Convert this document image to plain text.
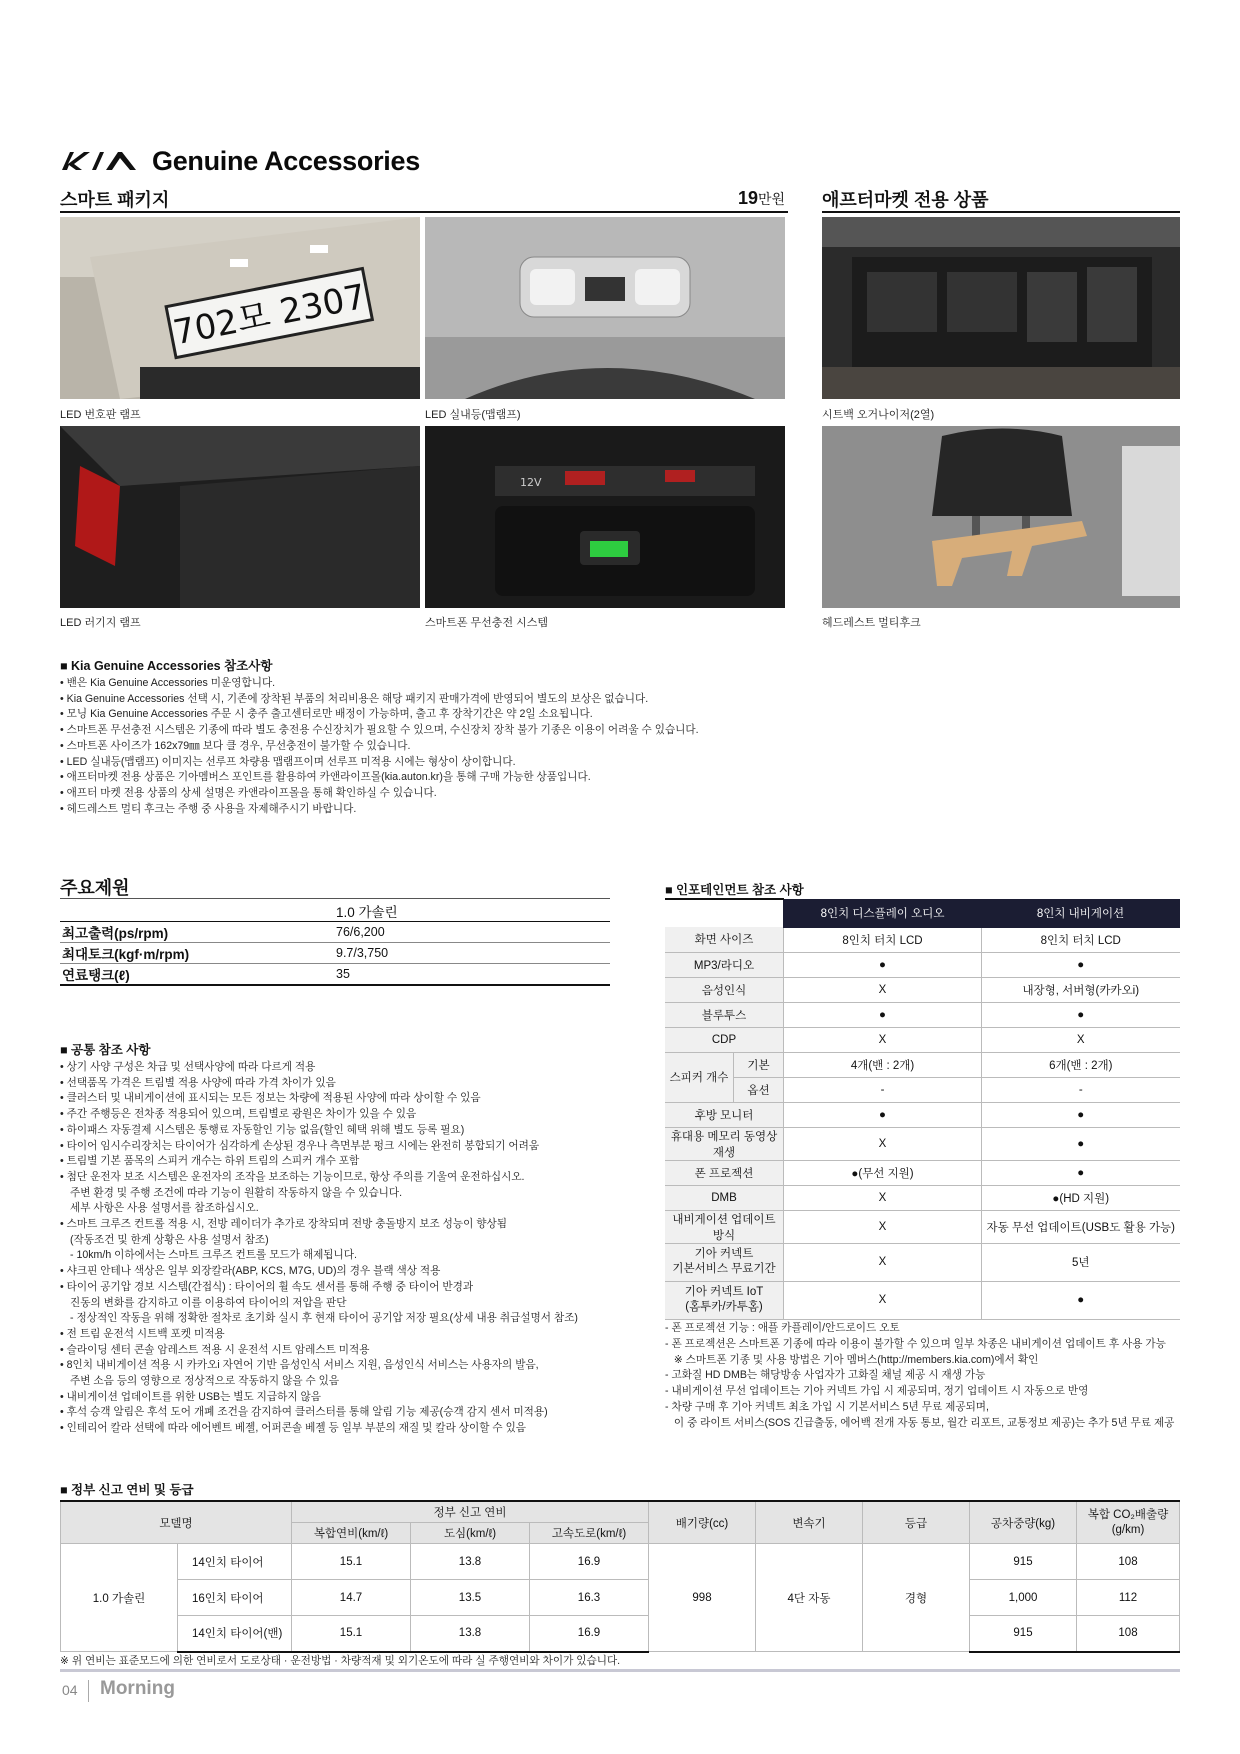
Genuine Accessories
스마트 패키지	19만원 애프터마켓 전용 상품
702모 2307
LED 번호판 램프	LED 실내등(맵램프)	시트백 오거나이저(2열)
12V
LED 러기지 램프	스마트폰 무선충전 시스템	헤드레스트 멀티후크
■ Kia Genuine Accessories 참조사항
• 밴은 Kia Genuine Accessories 미운영합니다.
• Kia Genuine Accessories 선택 시, 기존에 장착된 부품의 처리비용은 해당 패키지 판매가격에 반영되어 별도의 보상은 없습니다.
• 모닝 Kia Genuine Accessories 주문 시 충주 출고센터로만 배정이 가능하며, 출고 후 장착기간은 약 2일 소요됩니다.
• 스마트폰 무선충전 시스템은 기종에 따라 별도 충전용 수신장치가 필요할 수 있으며, 수신장치 장착 불가 기종은 이용이 어려울 수 있습니다.
• 스마트폰 사이즈가 162x79㎜ 보다 클 경우, 무선충전이 불가할 수 있습니다.
• LED 실내등(맵램프) 이미지는 선루프 차량용 맵램프이며 선루프 미적용 시에는 형상이 상이합니다.
• 애프터마켓 전용 상품은 기아멤버스 포인트를 활용하여 카앤라이프몰(kia.auton.kr)을 통해 구매 가능한 상품입니다.
• 애프터 마켓 전용 상품의 상세 설명은 카앤라이프몰을 통해 확인하실 수 있습니다.
• 헤드레스트 멀티 후크는 주행 중 사용을 자제해주시기 바랍니다.
주요제원
	1.0 가솔린
최고출력(ps/rpm)	76/6,200
최대토크(kgf·m/rpm)	9.7/3,750
연료탱크(ℓ)	35
■ 공통 참조 사항
• 상기 사양 구성은 차급 및 선택사양에 따라 다르게 적용
• 선택품목 가격은 트림별 적용 사양에 따라 가격 차이가 있음
• 클러스터 및 내비게이션에 표시되는 모든 정보는 차량에 적용된 사양에 따라 상이할 수 있음
• 주간 주행등은 전차종 적용되어 있으며, 트림별로 광원은 차이가 있을 수 있음
• 하이패스 자동결제 시스템은 통행료 자동할인 기능 없음(할인 혜택 위해 별도 등록 필요)
• 타이어 임시수리장치는 타이어가 심각하게 손상된 경우나 측면부분 펑크 시에는 완전히 봉합되기 어려움
• 트림별 기본 품목의 스피커 개수는 하위 트림의 스피커 개수 포함
• 첨단 운전자 보조 시스템은 운전자의 조작을 보조하는 기능이므로, 항상 주의를 기울여 운전하십시오.
주변 환경 및 주행 조건에 따라 기능이 원활히 작동하지 않을 수 있습니다.
세부 사항은 사용 설명서를 참조하십시오.
• 스마트 크루즈 컨트롤 적용 시, 전방 레이더가 추가로 장착되며 전방 충돌방지 보조 성능이 향상됨
(작동조건 및 한계 상황은 사용 설명서 참조)
- 10km/h 이하에서는 스마트 크루즈 컨트롤 모드가 해제됩니다.
• 샤크핀 안테나 색상은 일부 외장칼라(ABP, KCS, M7G, UD)의 경우 블랙 색상 적용
• 타이어 공기압 경보 시스템(간접식) : 타이어의 휠 속도 센서를 통해 주행 중 타이어 반경과
진동의 변화를 감지하고 이를 이용하여 타이어의 저압을 판단
- 정상적인 작동을 위해 정확한 절차로 초기화 실시 후 현재 타이어 공기압 저장 필요(상세 내용 취급설명서 참조)
• 전 트림 운전석 시트백 포켓 미적용
• 슬라이딩 센터 콘솔 암레스트 적용 시 운전석 시트 암레스트 미적용
• 8인치 내비게이션 적용 시 카카오i 자연어 기반 음성인식 서비스 지원, 음성인식 서비스는 사용자의 발음,
주변 소음 등의 영향으로 정상적으로 작동하지 않을 수 있음
• 내비게이션 업데이트를 위한 USB는 별도 지급하지 않음
• 후석 승객 알림은 후석 도어 개폐 조건을 감지하여 클러스터를 통해 알림 기능 제공(승객 감지 센서 미적용)
• 인테리어 칼라 선택에 따라 에어벤트 베젤, 어퍼콘솔 베젤 등 일부 부분의 재질 및 칼라 상이할 수 있음
■ 인포테인먼트 참조 사항
		8인치 디스플레이 오디오	8인치 내비게이션
화면 사이즈		8인치 터치 LCD	8인치 터치 LCD
MP3/라디오		●	●
음성인식		X	내장형, 서버형(카카오i)
블루투스		●	●
CDP		X	X
스피커 개수	기본	4개(밴 : 2개)	6개(밴 : 2개)
	옵션	-	-
후방 모니터		●	●
휴대용 메모리 동영상 재생		X	●
폰 프로젝션		●(무선 지원)	●
DMB		X	●(HD 지원)
내비게이션 업데이트 방식		X	자동 무선 업데이트(USB도 활용 가능)
기아 커넥트
기본서비스 무료기간		X	5년
기아 커넥트 IoT
(홈투카/카투홈)		X	●
- 폰 프로젝션 기능 : 애플 카플레이/안드로이드 오토
- 폰 프로젝션은 스마트폰 기종에 따라 이용이 불가할 수 있으며 일부 차종은 내비게이션 업데이트 후 사용 가능
※ 스마트폰 기종 및 사용 방법은 기아 멤버스(http://members.kia.com)에서 확인
- 고화질 HD DMB는 해당방송 사업자가 고화질 채널 제공 시 재생 가능
- 내비게이션 무선 업데이트는 기아 커넥트 가입 시 제공되며, 정기 업데이트 시 자동으로 반영
- 차량 구매 후 기아 커넥트 최초 가입 시 기본서비스 5년 무료 제공되며,
이 중 라이트 서비스(SOS 긴급출동, 에어백 전개 자동 통보, 월간 리포트, 교통정보 제공)는 추가 5년 무료 제공
■ 정부 신고 연비 및 등급
모델명		정부 신고 연비			배기량(cc)	변속기	등급	공차중량(kg)	복합 CO₂배출량
(g/km)
		복합연비(km/ℓ)	도심(km/ℓ)	고속도로(km/ℓ)					
1.0 가솔린	14인치 타이어	15.1	13.8	16.9	998	4단 자동	경형	915	108
	16인치 타이어	14.7	13.5	16.3				1,000	112
	14인치 타이어(밴)	15.1	13.8	16.9				915	108
※ 위 연비는 표준모드에 의한 연비로서 도로상태 · 운전방법 · 차량적재 및 외기온도에 따라 실 주행연비와 차이가 있습니다.
04 Morning
